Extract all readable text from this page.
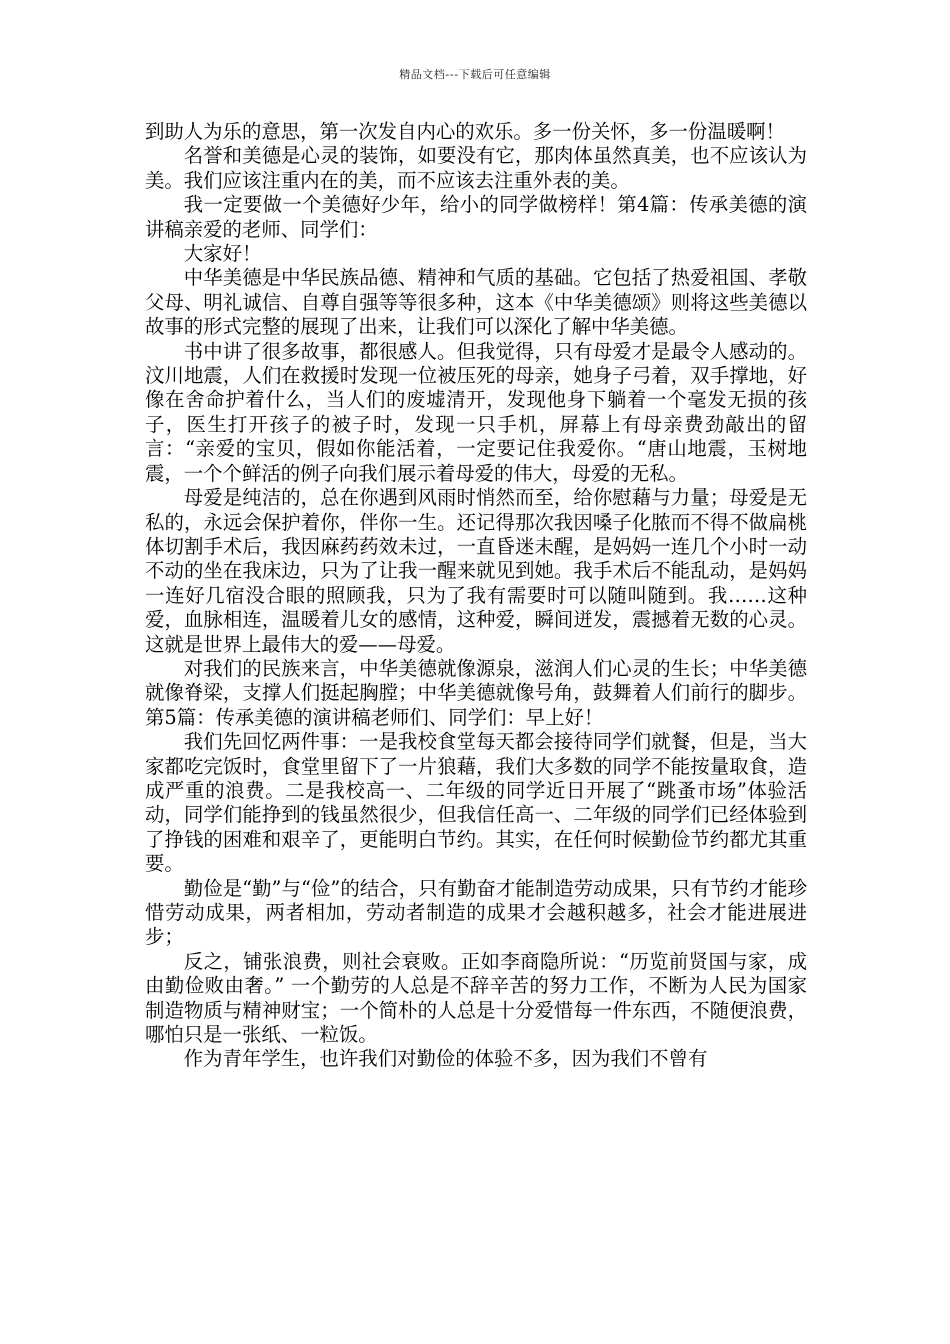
精品文档---下载后可任意编辑

到助人为乐的意思，第一次发自内心的欢乐。多一份关怀，多一份温暖啊！

名誉和美德是心灵的装饰，如要没有它，那肉体虽然真美，也不应该认为美。我们应该注重内在的美，而不应该去注重外表的美。

我一定要做一个美德好少年，给小的同学做榜样！第4篇：传承美德的演讲稿亲爱的老师、同学们：

大家好！

中华美德是中华民族品德、精神和气质的基础。它包括了热爱祖国、孝敬父母、明礼诚信、自尊自强等等很多种，这本《中华美德颂》则将这些美德以故事的形式完整的展现了出来，让我们可以深化了解中华美德。

书中讲了很多故事，都很感人。但我觉得，只有母爱才是最令人感动的。汶川地震，人们在救援时发现一位被压死的母亲，她身子弓着，双手撑地，好像在舍命护着什么，当人们的废墟清开，发现他身下躺着一个毫发无损的孩子，医生打开孩子的被子时，发现一只手机，屏幕上有母亲费劲敲出的留言：“亲爱的宝贝，假如你能活着，一定要记住我爱你。“唐山地震，玉树地震，一个个鲜活的例子向我们展示着母爱的伟大，母爱的无私。

母爱是纯洁的，总在你遇到风雨时悄然而至，给你慰藉与力量；母爱是无私的，永远会保护着你，伴你一生。还记得那次我因嗓子化脓而不得不做扁桃体切割手术后，我因麻药药效未过，一直昏迷未醒，是妈妈一连几个小时一动不动的坐在我床边，只为了让我一醒来就见到她。我手术后不能乱动，是妈妈一连好几宿没合眼的照顾我，只为了我有需要时可以随叫随到。我……这种爱，血脉相连，温暖着儿女的感情，这种爱，瞬间迸发，震撼着无数的心灵。这就是世界上最伟大的爱——母爱。

对我们的民族来言，中华美德就像源泉，滋润人们心灵的生长；中华美德就像脊梁，支撑人们挺起胸膛；中华美德就像号角，鼓舞着人们前行的脚步。第5篇：传承美德的演讲稿老师们、同学们：早上好！

我们先回忆两件事：一是我校食堂每天都会接待同学们就餐，但是，当大家都吃完饭时，食堂里留下了一片狼藉，我们大多数的同学不能按量取食，造成严重的浪费。二是我校高一、二年级的同学近日开展了“跳蚤市场”体验活动，同学们能挣到的钱虽然很少，但我信任高一、二年级的同学们已经体验到了挣钱的困难和艰辛了，更能明白节约。其实，在任何时候勤俭节约都尤其重要。

勤俭是“勤”与“俭”的结合，只有勤奋才能制造劳动成果，只有节约才能珍惜劳动成果，两者相加，劳动者制造的成果才会越积越多，社会才能进展进步；

反之，铺张浪费，则社会衰败。正如李商隐所说：“历览前贤国与家，成由勤俭败由奢。” 一个勤劳的人总是不辞辛苦的努力工作，不断为人民为国家制造物质与精神财宝；一个简朴的人总是十分爱惜每一件东西，不随便浪费，哪怕只是一张纸、一粒饭。

作为青年学生，也许我们对勤俭的体验不多，因为我们不曾有
